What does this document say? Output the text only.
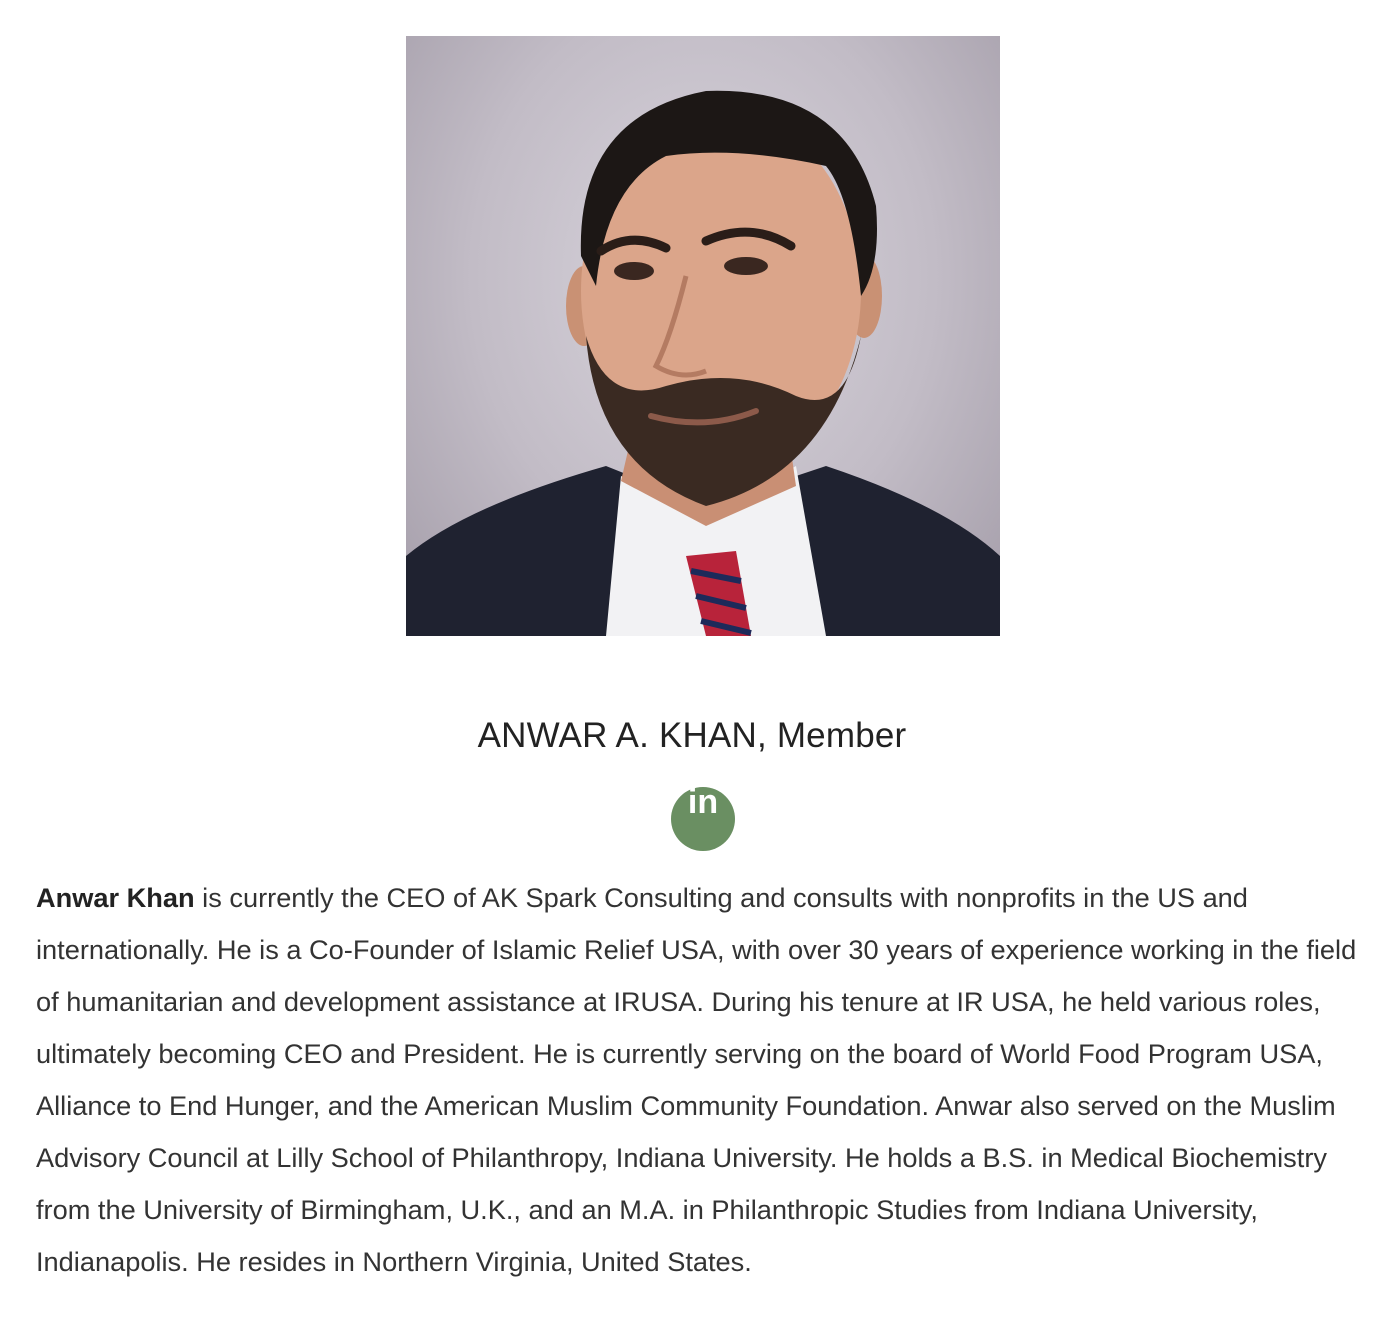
ANWAR A. KHAN, Member
in

Anwar Khan is currently the CEO of AK Spark Consulting and consults with nonprofits in the US and internationally. He is a Co-Founder of Islamic Relief USA, with over 30 years of experience working in the field of humanitarian and development assistance at IRUSA. During his tenure at IR USA, he held various roles, ultimately becoming CEO and President. He is currently serving on the board of World Food Program USA, Alliance to End Hunger, and the American Muslim Community Foundation. Anwar also served on the Muslim Advisory Council at Lilly School of Philanthropy, Indiana University. He holds a B.S. in Medical Biochemistry from the University of Birmingham, U.K., and an M.A. in Philanthropic Studies from Indiana University, Indianapolis. He resides in Northern Virginia, United States.
